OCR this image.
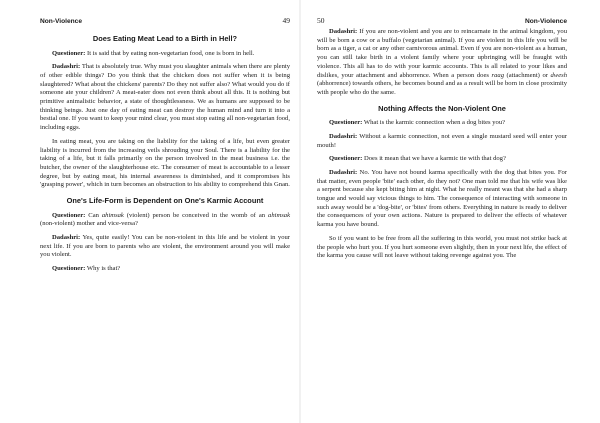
Non-Violence	49
Does Eating Meat Lead to a Birth in Hell?

Questioner: It is said that by eating non-vegetarian food, one is born in hell.

Dadashri: That is absolutely true. Why must you slaughter animals when there are plenty of other edible things? Do you think that the chicken does not suffer when it is being slaughtered? What about the chickens' parents? Do they not suffer also? What would you do if someone ate your children? A meat-eater does not even think about all this. It is nothing but primitive animalistic behavior, a state of thoughtlessness. We as humans are supposed to be thinking beings. Just one day of eating meat can destroy the human mind and turn it into a bestial one. If you want to keep your mind clear, you must stop eating all non-vegetarian food, including eggs.

In eating meat, you are taking on the liability for the taking of a life, but even greater liability is incurred from the increasing veils shrouding your Soul. There is a liability for the taking of a life, but it falls primarily on the person involved in the meat business i.e. the butcher, the owner of the slaughterhouse etc. The consumer of meat is accountable to a lesser degree, but by eating meat, his internal awareness is diminished, and it compromises his 'grasping power', which in turn becomes an obstruction to his ability to comprehend this Gnan.

One's Life-Form is Dependent on One's Karmic Account

Questioner: Can ahimsak (violent) person be conceived in the womb of an ahimsak (non-violent) mother and vice-versa?

Dadashri: Yes, quite easily! You can be non-violent in this life and be violent in your next life. If you are born to parents who are violent, the environment around you will make you violent.

Questioner: Why is that?

50	Non-Violence

Dadashri: If you are non-violent and you are to reincarnate in the animal kingdom, you will be born a cow or a buffalo (vegetarian animal). If you are violent in this life you will be born as a tiger, a cat or any other carnivorous animal. Even if you are non-violent as a human, you can still take birth in a violent family where your upbringing will be fraught with violence. This all has to do with your karmic accounts. This is all related to your likes and dislikes, your attachment and abhorrence. When a person does raag (attachment) or dwesh (abhorrence) towards others, he becomes bound and as a result will be born in close proximity with people who do the same.

Nothing Affects the Non-Violent One

Questioner: What is the karmic connection when a dog bites you?

Dadashri: Without a karmic connection, not even a single mustard seed will enter your mouth!

Questioner: Does it mean that we have a karmic tie with that dog?

Dadashri: No. You have not bound karma specifically with the dog that bites you. For that matter, even people 'bite' each other, do they not? One man told me that his wife was like a serpent because she kept biting him at night. What he really meant was that she had a sharp tongue and would say vicious things to him. The consequence of interacting with someone in such away would be a 'dog-bite', or 'bites' from others. Everything in nature is ready to deliver the consequences of your own actions. Nature is prepared to deliver the effects of whatever karma you have bound.

So if you want to be free from all the suffering in this world, you must not strike back at the people who hurt you. If you hurt someone even slightly, then in your next life, the effect of the karma you cause will not leave without taking revenge against you. The
